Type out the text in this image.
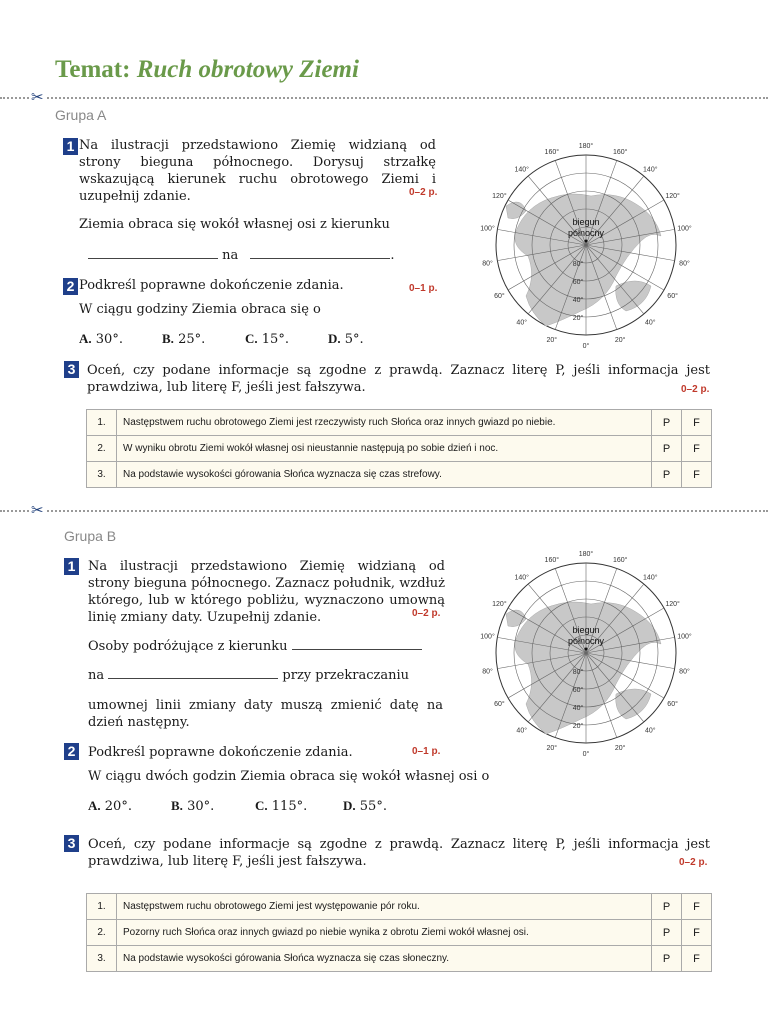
Temat: Ruch obrotowy Ziemi
✂
Grupa A
1 Na ilustracji przedstawiono Ziemię widzianą od strony bieguna północnego. Dorysuj strzałkę wskazującą kierunek ruchu obrotowego Ziemi i uzupełnij zdanie.	0–2 p.
Ziemia obraca się wokół własnej osi z kierunku
na	.
2 Podkreśl poprawne dokończenie zdania.	0–1 p.
W ciągu godziny Ziemia obraca się o
A. 30°.	B. 25°.	C. 15°.	D. 5°.
3 Oceń, czy podane informacje są zgodne z prawdą. Zaznacz literę P, jeśli informacja jest prawdziwa, lub literę F, jeśli jest fałszywa.	0–2 p.
1.	Następstwem ruchu obrotowego Ziemi jest rzeczywisty ruch Słońca oraz innych gwiazd po niebie.	P	F
2.	W wyniku obrotu Ziemi wokół własnej osi nieustannie następują po sobie dzień i noc.	P	F
3.	Na podstawie wysokości górowania Słońca wyznacza się czas strefowy.	P	F
✂
Grupa B
1 Na ilustracji przedstawiono Ziemię widzianą od strony bieguna północnego. Zaznacz południk, wzdłuż którego, lub w którego pobliżu, wyznaczono umowną linię zmiany daty. Uzupełnij zdanie.	0–2 p.
Osoby podróżujące z kierunku
na	przy przekraczaniu
umownej linii zmiany daty muszą zmienić datę na dzień następny.
2 Podkreśl poprawne dokończenie zdania.	0–1 p.
W ciągu dwóch godzin Ziemia obraca się wokół własnej osi o
A. 20°.	B. 30°.	C. 115°.	D. 55°.
3 Oceń, czy podane informacje są zgodne z prawdą. Zaznacz literę P, jeśli informacja jest prawdziwa, lub literę F, jeśli jest fałszywa.	0–2 p.
1.	Następstwem ruchu obrotowego Ziemi jest występowanie pór roku.	P	F
2.	Pozorny ruch Słońca oraz innych gwiazd po niebie wynika z obrotu Ziemi wokół własnej osi.	P	F
3.	Na podstawie wysokości górowania Słońca wyznacza się czas słoneczny.	P	F
140°
160°
180°
160°
140°
120°
100°
80°
60°
40°
20°
0°
20°
40°
60°
80°
100°
120°
80°
60°
40°
20°
biegun
północny
140°
160°
180°
160°
140°
120°
100°
80°
60°
40°
20°
0°
20°
40°
60°
80°
100°
120°
80°
60°
40°
20°
biegun
północny
